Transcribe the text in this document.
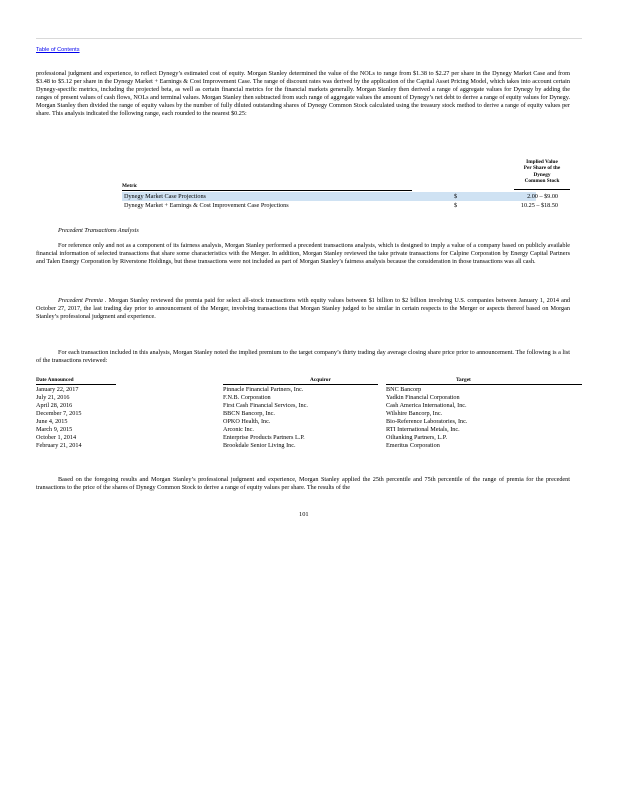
Table of Contents

professional judgment and experience, to reflect Dynegy’s estimated cost of equity. Morgan Stanley determined the value of the NOLs to range from $1.38 to $2.27 per share in the Dynegy Market Case and from $3.48 to $5.12 per share in the Dynegy Market + Earnings & Cost Improvement Case. The range of discount rates was derived by the application of the Capital Asset Pricing Model, which takes into account certain Dynegy-specific metrics, including the projected beta, as well as certain financial metrics for the financial markets generally. Morgan Stanley then derived a range of aggregate values for Dynegy by adding the ranges of present values of cash flows, NOLs and terminal values. Morgan Stanley then subtracted from such range of aggregate values the amount of Dynegy’s net debt to derive a range of equity values for Dynegy. Morgan Stanley then divided the range of equity values by the number of fully diluted outstanding shares of Dynegy Common Stock calculated using the treasury stock method to derive a range of equity values per share. This analysis indicated the following range, each rounded to the nearest $0.25:

Implied Value
Per Share of the
Dynegy
Common Stock
Metric
Dynegy Market Case Projections	$	2.00 – $9.00
Dynegy Market + Earnings & Cost Improvement Case Projections	$	10.25 – $18.50

Precedent Transactions Analysis

For reference only and not as a component of its fairness analysis, Morgan Stanley performed a precedent transactions analysis, which is designed to imply a value of a company based on publicly available financial information of selected transactions that share some characteristics with the Merger. In addition, Morgan Stanley reviewed the take private transactions for Calpine Corporation by Energy Capital Partners and Talen Energy Corporation by Riverstone Holdings, but these transactions were not included as part of Morgan Stanley’s fairness analysis because the consideration in those transactions was all cash.

Precedent Premia . Morgan Stanley reviewed the premia paid for select all-stock transactions with equity values between $1 billion to $2 billion involving U.S. companies between January 1, 2014 and October 27, 2017, the last trading day prior to announcement of the Merger, involving transactions that Morgan Stanley judged to be similar in certain respects to the Merger or aspects thereof based on Morgan Stanley’s professional judgment and experience.

For each transaction included in this analysis, Morgan Stanley noted the implied premium to the target company’s thirty trading day average closing share price prior to announcement. The following is a list of the transactions reviewed:

Date Announced	Acquiror	Target
January 22, 2017	Pinnacle Financial Partners, Inc.	BNC Bancorp
July 21, 2016	F.N.B. Corporation	Yadkin Financial Corporation
April 28, 2016	First Cash Financial Services, Inc.	Cash America International, Inc.
December 7, 2015	BBCN Bancorp, Inc.	Wilshire Bancorp, Inc.
June 4, 2015	OPKO Health, Inc.	Bio-Reference Laboratories, Inc.
March 9, 2015	Arconic Inc.	RTI International Metals, Inc.
October 1, 2014	Enterprise Products Partners L.P.	Oiltanking Partners, L.P.
February 21, 2014	Brookdale Senior Living Inc.	Emeritus Corporation

Based on the foregoing results and Morgan Stanley’s professional judgment and experience, Morgan Stanley applied the 25th percentile and 75th percentile of the range of premia for the precedent transactions to the price of the shares of Dynegy Common Stock to derive a range of equity values per share. The results of the

101
